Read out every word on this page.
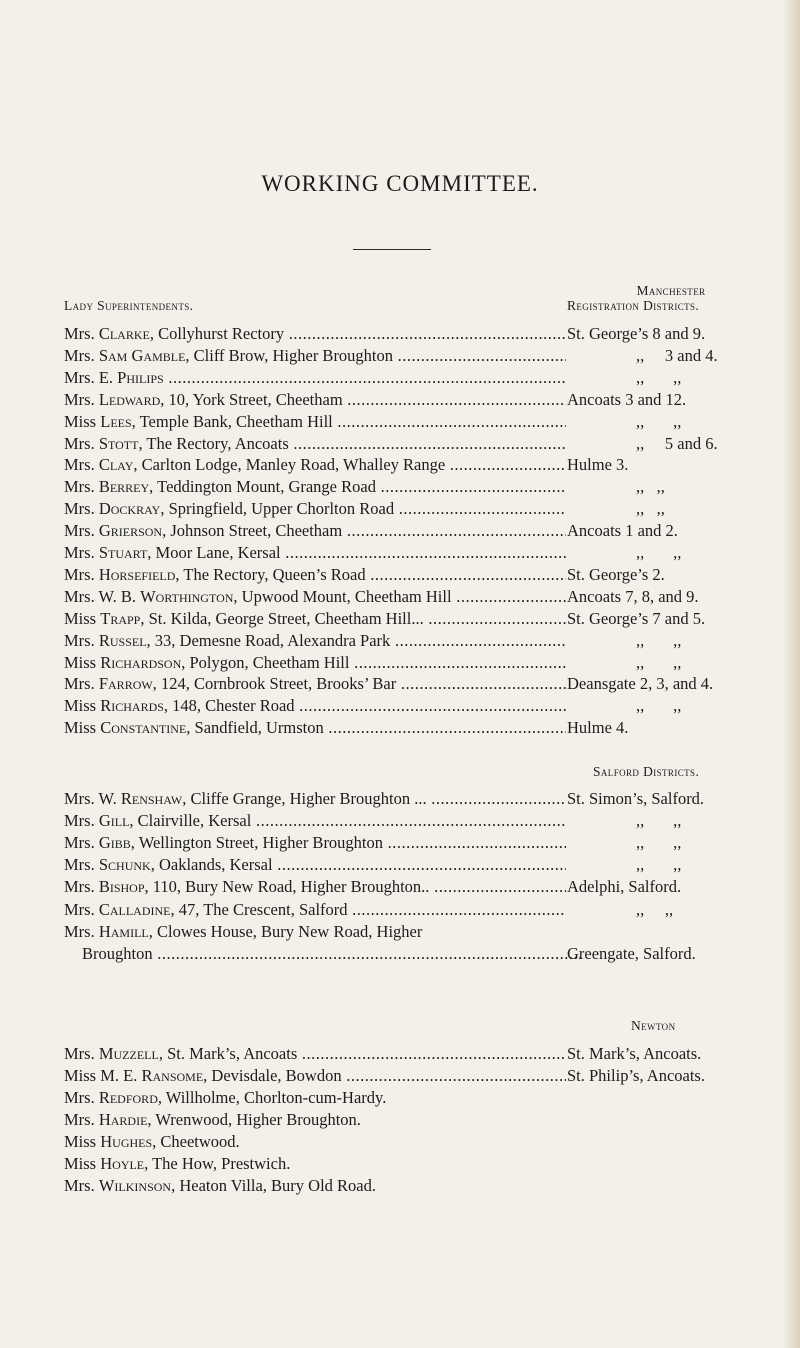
WORKING COMMITTEE.
Lady Superintendents.
Manchester
Registration Districts.
Mrs. Clarke, Collyhurst Rectory .....	St. George’s 8 and 9.
Mrs. Sam Gamble, Cliff Brow, Higher Broughton .....	,,     3 and 4.
Mrs. E. Philips .....	,,       ,,
Mrs. Ledward, 10, York Street, Cheetham .....	Ancoats 3 and 12.
Miss Lees, Temple Bank, Cheetham Hill .....	,,       ,,
Mrs. Stott, The Rectory, Ancoats .....	,,     5 and 6.
Mrs. Clay, Carlton Lodge, Manley Road, Whalley Range .....	Hulme 3.
Mrs. Berrey, Teddington Mount, Grange Road .....	,,   ,,
Mrs. Dockray, Springfield, Upper Chorlton Road .....	,,   ,,
Mrs. Grierson, Johnson Street, Cheetham .....	Ancoats 1 and 2.
Mrs. Stuart, Moor Lane, Kersal .....	,,       ,,
Mrs. Horsefield, The Rectory, Queen’s Road .....	St. George’s 2.
Mrs. W. B. Worthington, Upwood Mount, Cheetham Hill .....	Ancoats 7, 8, and 9.
Miss Trapp, St. Kilda, George Street, Cheetham Hill... .....	St. George’s 7 and 5.
Mrs. Russel, 33, Demesne Road, Alexandra Park .....	,,       ,,
Miss Richardson, Polygon, Cheetham Hill .....	,,       ,,
Mrs. Farrow, 124, Cornbrook Street, Brooks’ Bar .....	Deansgate 2, 3, and 4.
Miss Richards, 148, Chester Road .....	,,       ,,
Miss Constantine, Sandfield, Urmston .....	Hulme 4.
Salford Districts.
Mrs. W. Renshaw, Cliffe Grange, Higher Broughton ... .....	St. Simon’s, Salford.
Mrs. Gill, Clairville, Kersal .....	,,       ,,
Mrs. Gibb, Wellington Street, Higher Broughton .....	,,       ,,
Mrs. Schunk, Oaklands, Kersal .....	,,       ,,
Mrs. Bishop, 110, Bury New Road, Higher Broughton.. .....	Adelphi, Salford.
Mrs. Calladine, 47, The Crescent, Salford .....	,,     ,,
Mrs. Hamill, Clowes House, Bury New Road, Higher
Broughton .....	Greengate, Salford.
Newton
Mrs. Muzzell, St. Mark’s, Ancoats .....	St. Mark’s, Ancoats.
Miss M. E. Ransome, Devisdale, Bowdon .....	St. Philip’s, Ancoats.
Mrs. Redford, Willholme, Chorlton-cum-Hardy.
Mrs. Hardie, Wrenwood, Higher Broughton.
Miss Hughes, Cheetwood.
Miss Hoyle, The How, Prestwich.
Mrs. Wilkinson, Heaton Villa, Bury Old Road.
